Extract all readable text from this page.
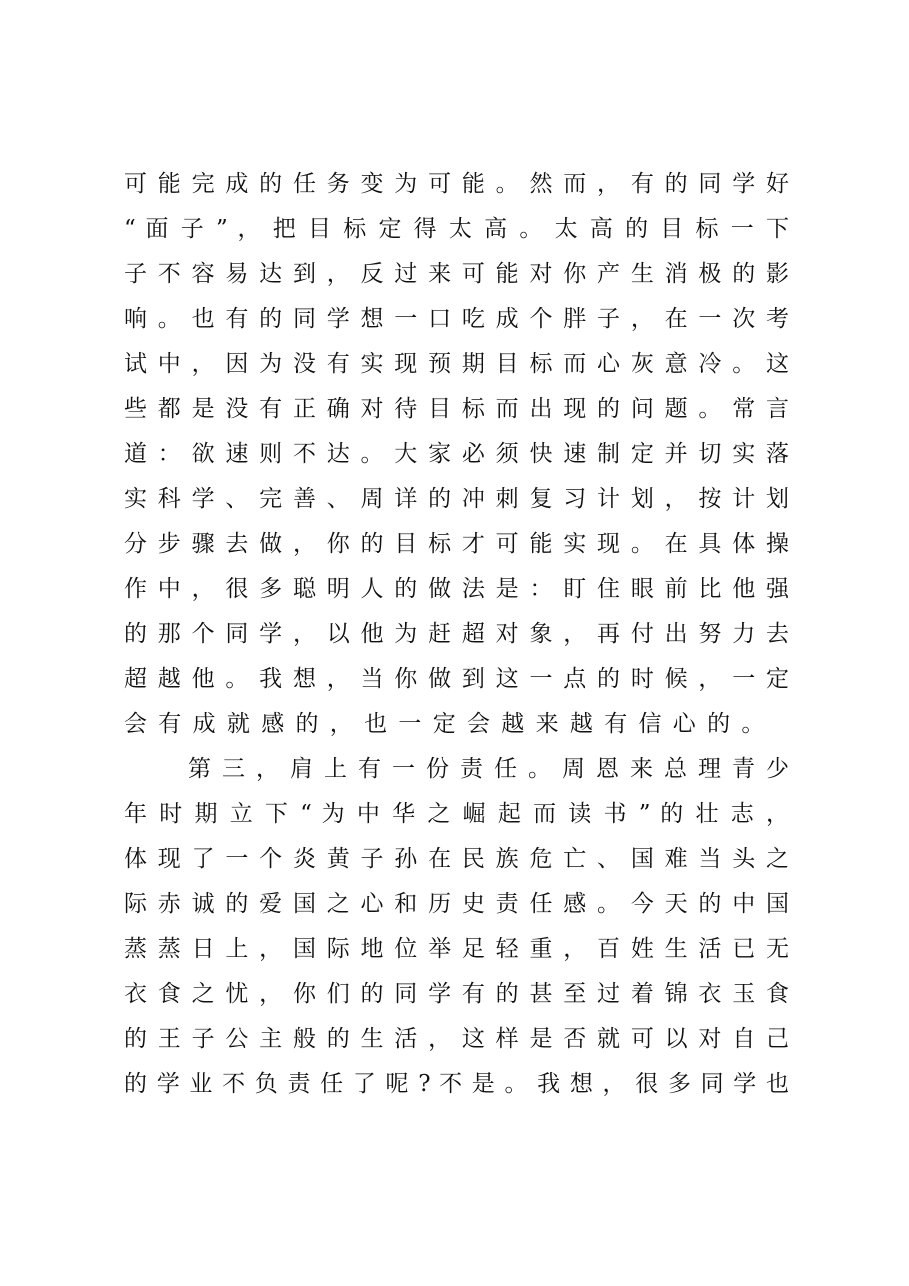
可 能 完 成 的 任 务 变 为 可 能 。 然 而 ， 有 的 同 学 好
“ 面 子 ” ， 把 目 标 定 得 太 高 。 太 高 的 目 标 一 下
子 不 容 易 达 到 ， 反 过 来 可 能 对 你 产 生 消 极 的 影
响 。 也 有 的 同 学 想 一 口 吃 成 个 胖 子 ， 在 一 次 考
试 中 ， 因 为 没 有 实 现 预 期 目 标 而 心 灰 意 冷 。 这
些 都 是 没 有 正 确 对 待 目 标 而 出 现 的 问 题 。 常 言
道 ： 欲 速 则 不 达 。 大 家 必 须 快 速 制 定 并 切 实 落
实 科 学 、 完 善 、 周 详 的 冲 刺 复 习 计 划 ， 按 计 划
分 步 骤 去 做 ， 你 的 目 标 才 可 能 实 现 。 在 具 体 操
作 中 ， 很 多 聪 明 人 的 做 法 是 ： 盯 住 眼 前 比 他 强
的 那 个 同 学 ， 以 他 为 赶 超 对 象 ， 再 付 出 努 力 去
超 越 他 。 我 想 ， 当 你 做 到 这 一 点 的 时 候 ， 一 定
会有成就感的，也一定会越来越有信心的。
第 三 ， 肩 上 有 一 份 责 任 。 周 恩 来 总 理 青 少
年 时 期 立 下 “ 为 中 华 之 崛 起 而 读 书 ” 的 壮 志 ，
体 现 了 一 个 炎 黄 子 孙 在 民 族 危 亡 、 国 难 当 头 之
际 赤 诚 的 爱 国 之 心 和 历 史 责 任 感 。 今 天 的 中 国
蒸 蒸 日 上 ， 国 际 地 位 举 足 轻 重 ， 百 姓 生 活 已 无
衣 食 之 忧 ， 你 们 的 同 学 有 的 甚 至 过 着 锦 衣 玉 食
的 王 子 公 主 般 的 生 活 ， 这 样 是 否 就 可 以 对 自 己
的 学 业 不 负 责 任 了 呢 ? 不 是 。 我 想 ， 很 多 同 学 也
